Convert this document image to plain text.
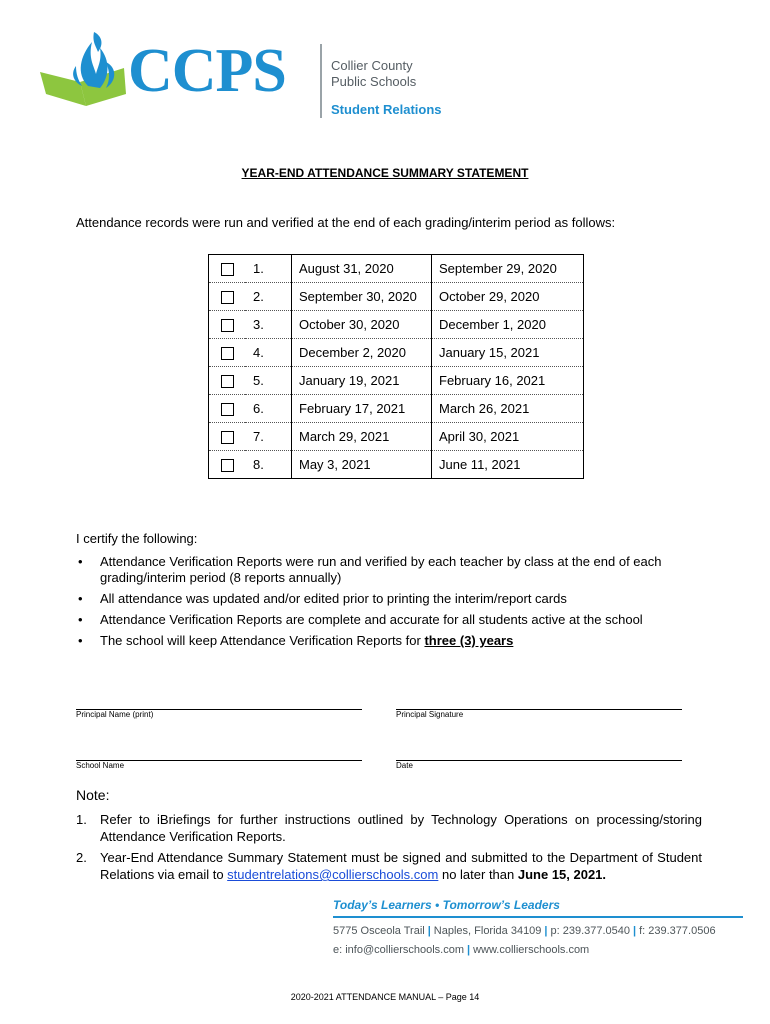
CCPS	Collier County
Public Schools
Student Relations
YEAR-END ATTENDANCE SUMMARY STATEMENT
Attendance records were run and verified at the end of each grading/interim period as follows:
	1.	August 31, 2020	September 29, 2020
	2.	September 30, 2020	October 29, 2020
	3.	October 30, 2020	December 1, 2020
	4.	December 2, 2020	January 15, 2021
	5.	January 19, 2021	February 16, 2021
	6.	February 17, 2021	March 26, 2021
	7.	March 29, 2021	April 30, 2021
	8.	May 3, 2021	June 11, 2021
I certify the following:
• Attendance Verification Reports were run and verified by each teacher by class at the end of each grading/interim period (8 reports annually)
• All attendance was updated and/or edited prior to printing the interim/report cards
• Attendance Verification Reports are complete and accurate for all students active at the school
• The school will keep Attendance Verification Reports for three (3) years
Principal Name (print)	Principal Signature
School Name	Date
Note:
1. Refer to iBriefings for further instructions outlined by Technology Operations on processing/storing Attendance Verification Reports.
2. Year-End Attendance Summary Statement must be signed and submitted to the Department of Student Relations via email to studentrelations@collierschools.com no later than June 15, 2021.
Today’s Learners • Tomorrow’s Leaders
5775 Osceola Trail | Naples, Florida 34109 | p: 239.377.0540 | f: 239.377.0506
e: info@collierschools.com | www.collierschools.com
2020-2021 ATTENDANCE MANUAL – Page 14
